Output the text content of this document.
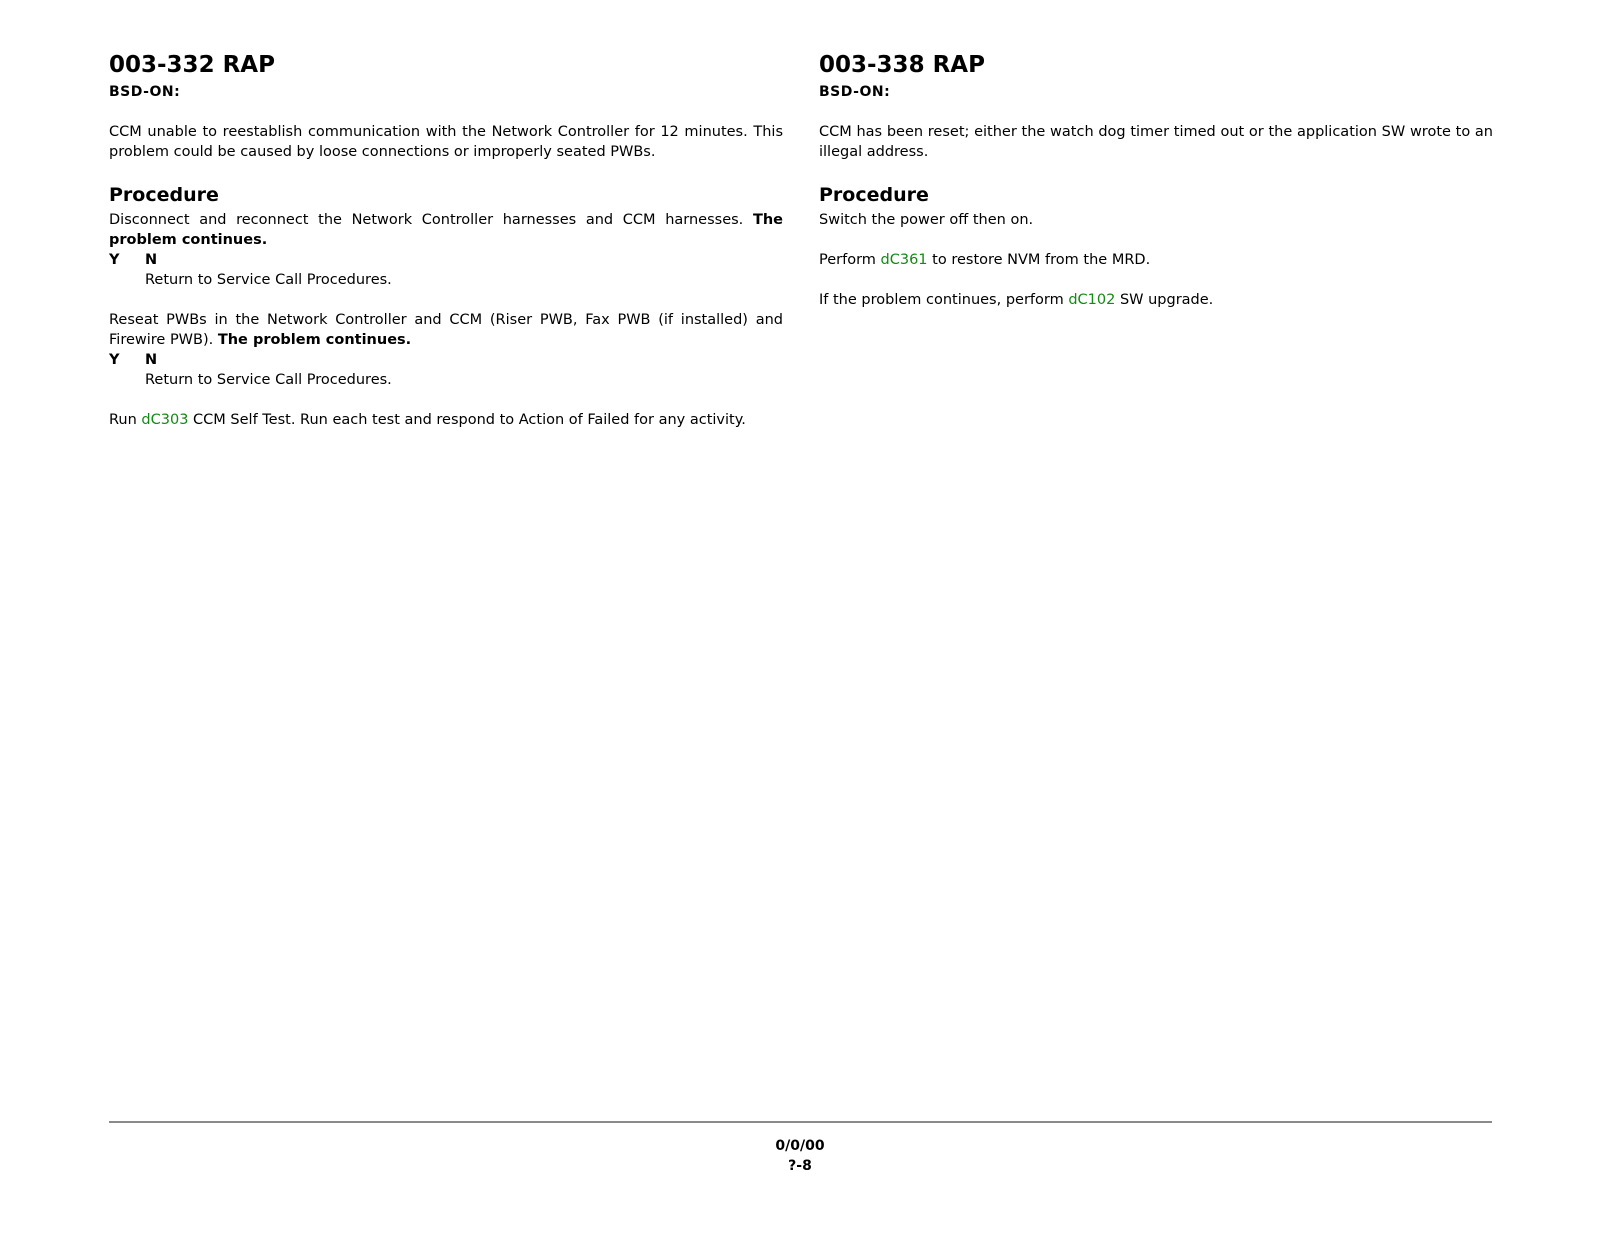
003-332 RAP

BSD-ON:

CCM unable to reestablish communication with the Network Controller for 12 minutes. This problem could be caused by loose connections or improperly seated PWBs.

Procedure

Disconnect and reconnect the Network Controller harnesses and CCM harnesses. The problem continues.

Y N

Return to Service Call Procedures.

Reseat PWBs in the Network Controller and CCM (Riser PWB, Fax PWB (if installed) and Firewire PWB). The problem continues.

Y N

Return to Service Call Procedures.

Run dC303 CCM Self Test. Run each test and respond to Action of Failed for any activity.

003-338 RAP

BSD-ON:

CCM has been reset; either the watch dog timer timed out or the application SW wrote to an illegal address.

Procedure

Switch the power off then on.

Perform dC361 to restore NVM from the MRD.

If the problem continues, perform dC102 SW upgrade.

0/0/00
?-8
